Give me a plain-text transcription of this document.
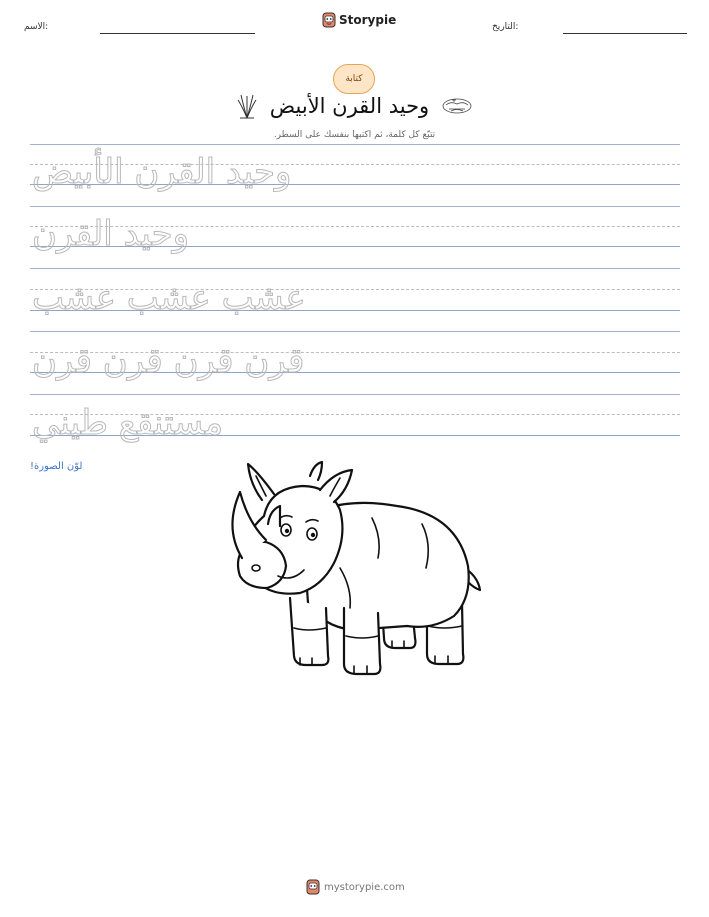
الاسم:	Storypie	التاريخ:
كتابة
وحيد القرن الأبيض
تتبّع كل كلمة، ثم اكتبها بنفسك على السطر.
وحيد القرن الأبيض
وحيد القرن
عشب عشب عشب
قرن قرن قرن قرن
مستنقع طيني
لوّن الصورة!
mystorypie.com
